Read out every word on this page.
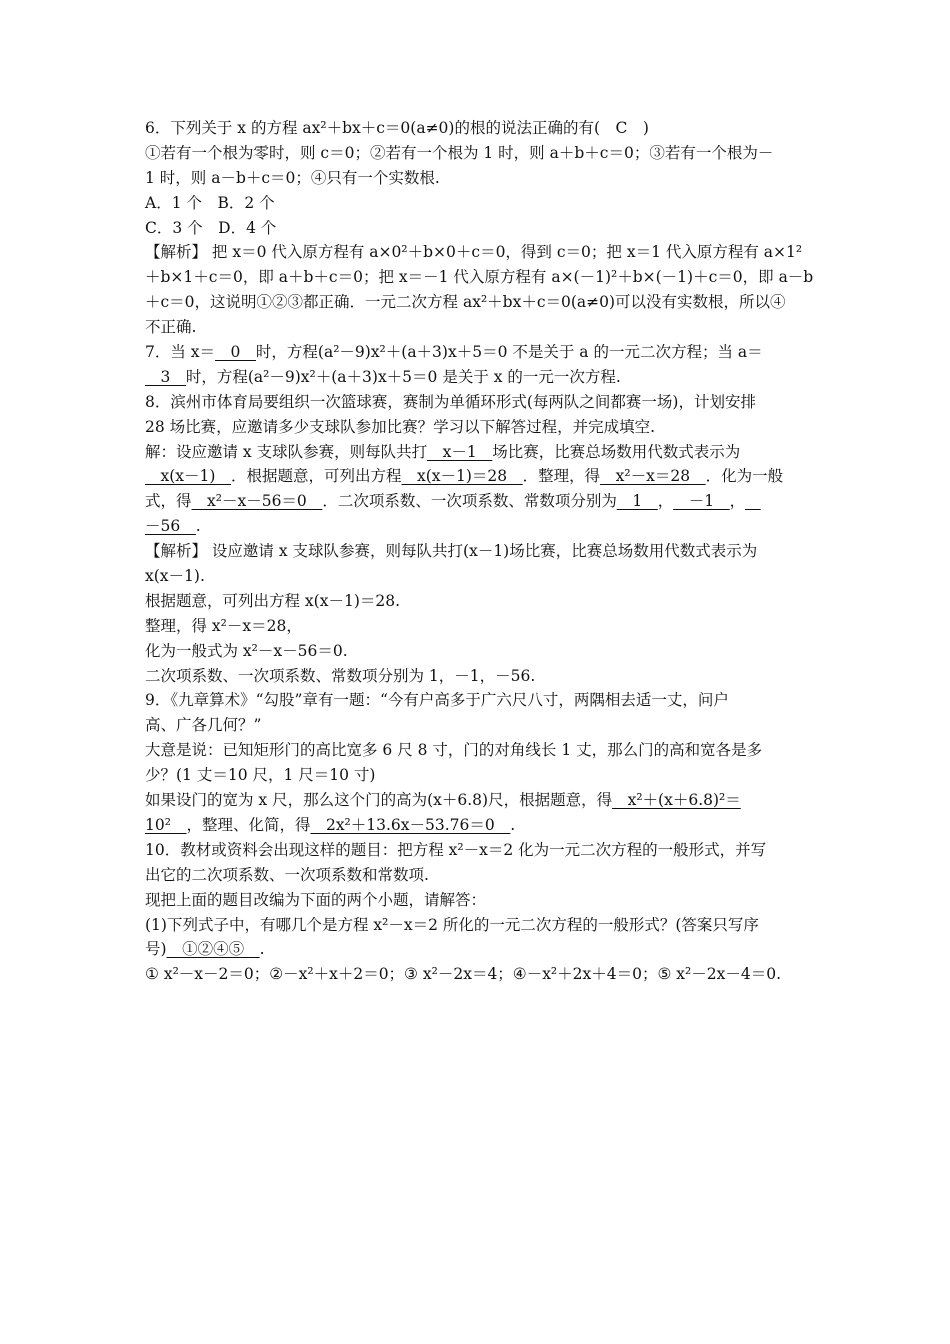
6．下列关于 x 的方程 ax²＋bx＋c＝0(a≠0)的根的说法正确的有(　C　)
①若有一个根为零时，则 c＝0；②若有一个根为 1 时，则 a＋b＋c＝0；③若有一个根为－
1 时，则 a－b＋c＝0；④只有一个实数根.
A．1 个　B．2 个
C．3 个　D．4 个
【解析】 把 x＝0 代入原方程有 a×0²＋b×0＋c＝0，得到 c＝0；把 x＝1 代入原方程有 a×1²
＋b×1＋c＝0，即 a＋b＋c＝0；把 x＝－1 代入原方程有 a×(－1)²＋b×(－1)＋c＝0，即 a－b
＋c＝0，这说明①②③都正确．一元二次方程 ax²＋bx＋c＝0(a≠0)可以没有实数根，所以④
不正确.
7．当 x＝__0__时，方程(a²－9)x²＋(a＋3)x＋5＝0 不是关于 a 的一元二次方程；当 a＝
__3__时，方程(a²－9)x²＋(a＋3)x＋5＝0 是关于 x 的一元一次方程.
8．滨州市体育局要组织一次篮球赛，赛制为单循环形式(每两队之间都赛一场)，计划安排
28 场比赛，应邀请多少支球队参加比赛？学习以下解答过程，并完成填空.
解：设应邀请 x 支球队参赛，则每队共打__x－1__场比赛，比赛总场数用代数式表示为
__x(x－1)__．根据题意，可列出方程__x(x－1)＝28__．整理，得__x²－x＝28__．化为一般
式，得__x²－x－56＝0__．二次项系数、一次项系数、常数项分别为__1__，__－1__，__
－56__.
【解析】 设应邀请 x 支球队参赛，则每队共打(x－1)场比赛，比赛总场数用代数式表示为
x(x－1).
根据题意，可列出方程 x(x－1)＝28.
整理，得 x²－x＝28，
化为一般式为 x²－x－56＝0.
二次项系数、一次项系数、常数项分别为 1，－1，－56.
9．《九章算术》“勾股”章有一题：“今有户高多于广六尺八寸，两隅相去适一丈，问户
高、广各几何？”
大意是说：已知矩形门的高比宽多 6 尺 8 寸，门的对角线长 1 丈，那么门的高和宽各是多
少？(1 丈＝10 尺，1 尺＝10 寸)
如果设门的宽为 x 尺，那么这个门的高为(x＋6.8)尺，根据题意，得__x²＋(x＋6.8)²＝
10²__，整理、化简，得__2x²＋13.6x－53.76＝0__.
10．教材或资料会出现这样的题目：把方程 x²－x＝2 化为一元二次方程的一般形式，并写
出它的二次项系数、一次项系数和常数项.
现把上面的题目改编为下面的两个小题，请解答：
(1)下列式子中，有哪几个是方程 x²－x＝2 所化的一元二次方程的一般形式？(答案只写序
号)__①②④⑤__.
① x²－x－2＝0；②－x²＋x＋2＝0；③ x²－2x＝4；④－x²＋2x＋4＝0；⑤ x²－2x－4＝0.
